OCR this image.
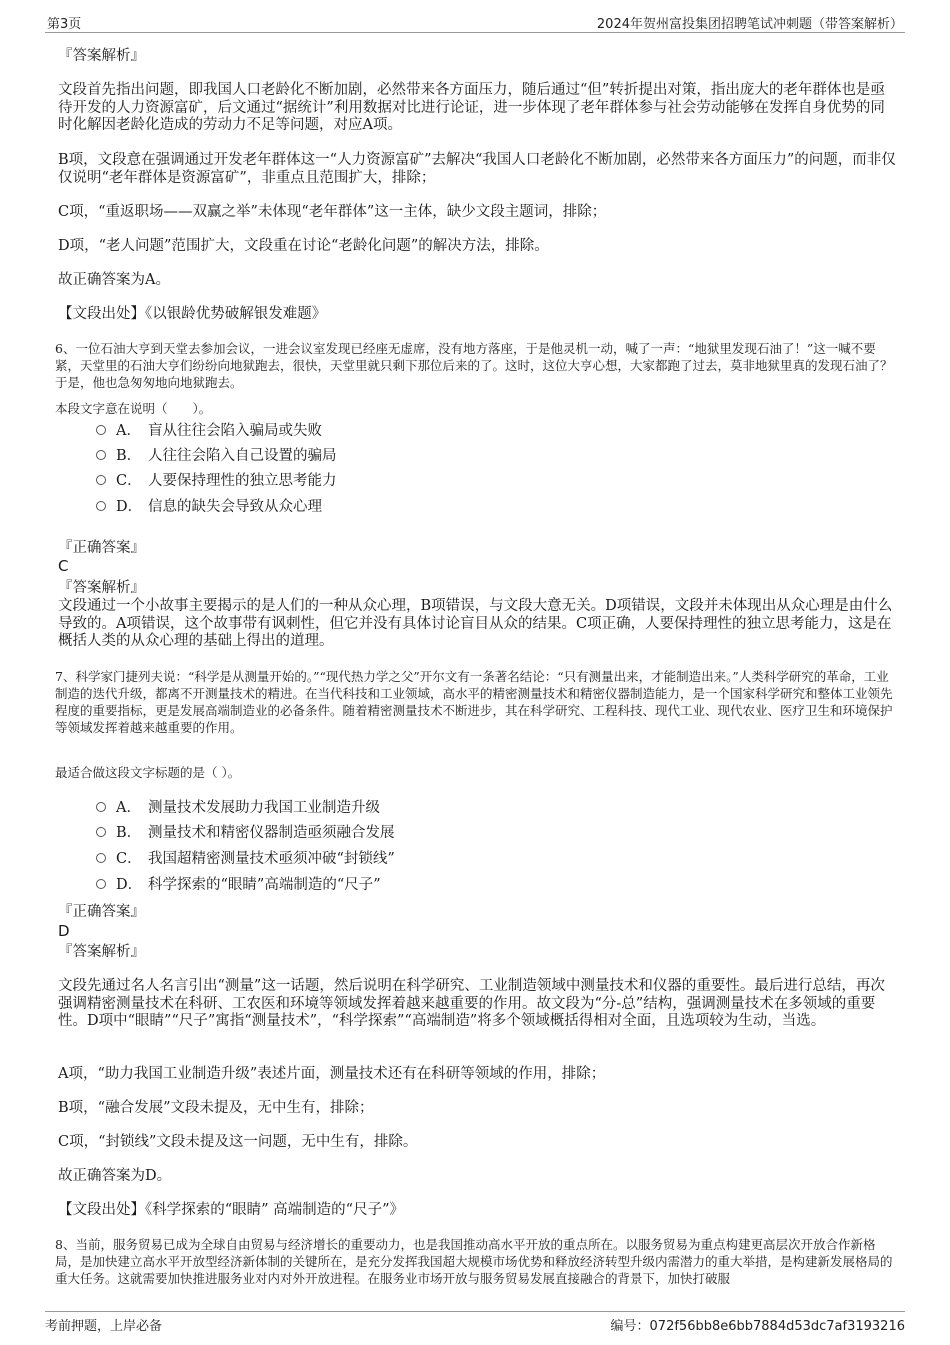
第3页	2024年贺州富投集团招聘笔试冲刺题（带答案解析）
『答案解析』
文段首先指出问题，即我国人口老龄化不断加剧，必然带来各方面压力，随后通过“但”转折提出对策，指出庞大的老年群体也是亟待开发的人力资源富矿，后文通过“据统计”利用数据对比进行论证，进一步体现了老年群体参与社会劳动能够在发挥自身优势的同时化解因老龄化造成的劳动力不足等问题，对应A项。
B项，文段意在强调通过开发老年群体这一“人力资源富矿”去解决“我国人口老龄化不断加剧，必然带来各方面压力”的问题，而非仅仅说明“老年群体是资源富矿”，非重点且范围扩大，排除；
C项，“重返职场——双赢之举”未体现“老年群体”这一主体，缺少文段主题词，排除；
D项，“老人问题”范围扩大，文段重在讨论“老龄化问题”的解决方法，排除。
故正确答案为A。
【文段出处】《以银龄优势破解银发难题》
6、一位石油大亨到天堂去参加会议，一进会议室发现已经座无虚席，没有地方落座，于是他灵机一动，喊了一声：“地狱里发现石油了！”这一喊不要紧，天堂里的石油大亨们纷纷向地狱跑去，很快，天堂里就只剩下那位后来的了。这时，这位大亨心想，大家都跑了过去，莫非地狱里真的发现石油了？于是，他也急匆匆地向地狱跑去。
本段文字意在说明（　　）。
A． 盲从往往会陷入骗局或失败
B． 人往往会陷入自己设置的骗局
C． 人要保持理性的独立思考能力
D． 信息的缺失会导致从众心理
『正确答案』
C
『答案解析』
文段通过一个小故事主要揭示的是人们的一种从众心理，B项错误，与文段大意无关。D项错误，文段并未体现出从众心理是由什么导致的。A项错误，这个故事带有讽刺性，但它并没有具体讨论盲目从众的结果。C项正确，人要保持理性的独立思考能力，这是在概括人类的从众心理的基础上得出的道理。
7、科学家门捷列夫说：“科学是从测量开始的。”“现代热力学之父”开尔文有一条著名结论：“只有测量出来，才能制造出来。”人类科学研究的革命，工业制造的迭代升级，都离不开测量技术的精进。在当代科技和工业领域，高水平的精密测量技术和精密仪器制造能力，是一个国家科学研究和整体工业领先程度的重要指标，更是发展高端制造业的必备条件。随着精密测量技术不断进步，其在科学研究、工程科技、现代工业、现代农业、医疗卫生和环境保护等领域发挥着越来越重要的作用。
最适合做这段文字标题的是（ ）。
A． 测量技术发展助力我国工业制造升级
B． 测量技术和精密仪器制造亟须融合发展
C． 我国超精密测量技术亟须冲破“封锁线”
D． 科学探索的“眼睛”高端制造的“尺子”
『正确答案』
D
『答案解析』
文段先通过名人名言引出“测量”这一话题，然后说明在科学研究、工业制造领域中测量技术和仪器的重要性。最后进行总结，再次强调精密测量技术在科研、工农医和环境等领域发挥着越来越重要的作用。故文段为“分-总”结构，强调测量技术在多领域的重要性。D项中“眼睛”“尺子”寓指“测量技术”，“科学探索”“高端制造”将多个领域概括得相对全面，且选项较为生动，当选。
A项，“助力我国工业制造升级”表述片面，测量技术还有在科研等领域的作用，排除；
B项，“融合发展”文段未提及，无中生有，排除；
C项，“封锁线”文段未提及这一问题，无中生有，排除。
故正确答案为D。
【文段出处】《科学探索的“眼睛” 高端制造的“尺子”》
8、当前，服务贸易已成为全球自由贸易与经济增长的重要动力，也是我国推动高水平开放的重点所在。以服务贸易为重点构建更高层次开放合作新格局，是加快建立高水平开放型经济新体制的关键所在，是充分发挥我国超大规模市场优势和释放经济转型升级内需潜力的重大举措，是构建新发展格局的重大任务。这就需要加快推进服务业对内对外开放进程。在服务业市场开放与服务贸易发展直接融合的背景下，加快打破服
考前押题，上岸必备	编号：072f56bb8e6bb7884d53dc7af3193216
